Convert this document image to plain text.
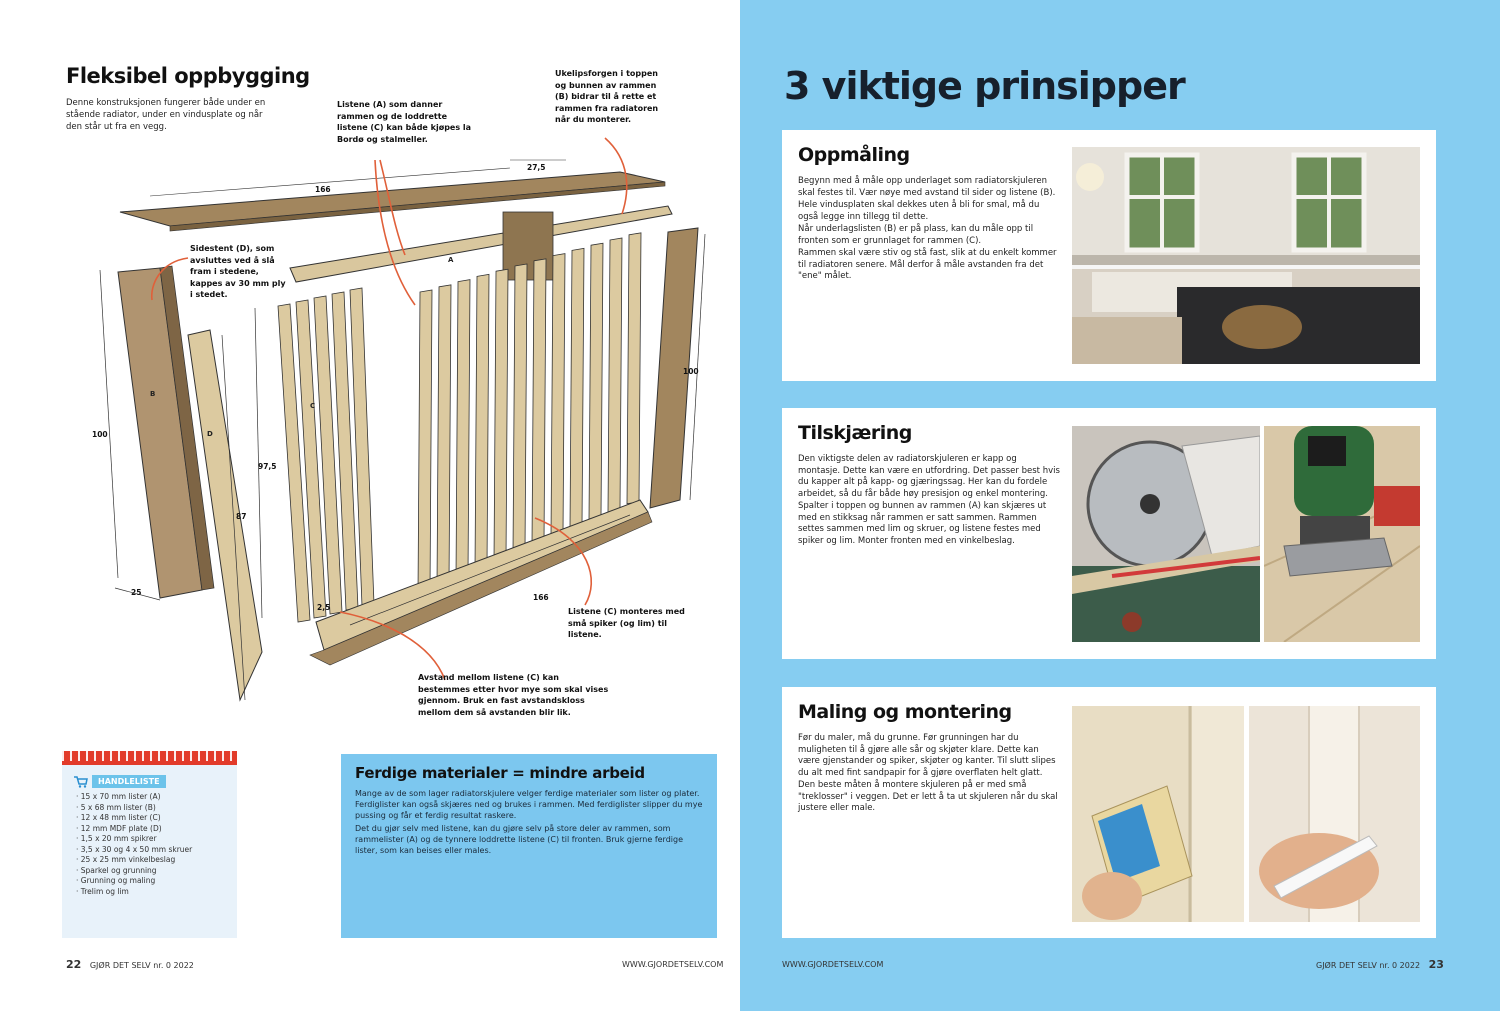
Fleksibel oppbygging
Denne konstruksjonen fungerer både under en stående radiator, under en vindusplate og når den står ut fra en vegg.
Ukelipsforgen i toppen og bunnen av rammen (B) bidrar til å rette et rammen fra radiatoren når du monterer.
Listene (A) som danner rammen og de loddrette listene (C) kan både kjøpes la Bordø og stalmeller.
Sidestent (D), som avsluttes ved å slå fram i stedene, kappes av 30 mm ply i stedet.
Listene (C) monteres med små spiker (og lim) til listene.
Avstand mellom listene (C) kan bestemmes etter hvor mye som skal vises gjennom. Bruk en fast avstandskloss mellom dem så avstanden blir lik.
27,5
166
100
87
97,5
100
166
25
2,5
A
B
C
D
HANDLELISTE
· 15 x 70 mm lister (A)
· 5 x 68 mm lister (B)
· 12 x 48 mm lister (C)
· 12 mm MDF plate (D)
· 1,5 x 20 mm spikrer
· 3,5 x 30 og 4 x 50 mm skruer
· 25 x 25 mm vinkelbeslag
· Sparkel og grunning
· Grunning og maling
· Trelim og lim
Ferdige materialer = mindre arbeid

Mange av de som lager radiatorskjulere velger ferdige materialer som lister og plater. Ferdiglister kan også skjæres ned og brukes i rammen. Med ferdiglister slipper du mye pussing og får et ferdig resultat raskere.

Det du gjør selv med listene, kan du gjøre selv på store deler av rammen, som rammelister (A) og de tynnere loddrette listene (C) til fronten. Bruk gjerne ferdige lister, som kan beises eller males.

22 GJØR DET SELV nr. 0 2022	WWW.GJORDETSELV.COM
3 viktige prinsipper
Oppmåling

Begynn med å måle opp underlaget som radiatorskjuleren skal festes til. Vær nøye med avstand til sider og listene (B).

Hele vindusplaten skal dekkes uten å bli for smal, må du også legge inn tillegg til dette.

Når underlagslisten (B) er på plass, kan du måle opp til fronten som er grunnlaget for rammen (C).

Rammen skal være stiv og stå fast, slik at du enkelt kommer til radiatoren senere. Mål derfor å måle avstanden fra det "ene" målet.

Tilskjæring

Den viktigste delen av radiatorskjuleren er kapp og montasje. Dette kan være en utfordring. Det passer best hvis du kapper alt på kapp- og gjæringssag. Her kan du fordele arbeidet, så du får både høy presisjon og enkel montering.

Spalter i toppen og bunnen av rammen (A) kan skjæres ut med en stikksag når rammen er satt sammen. Rammen settes sammen med lim og skruer, og listene festes med spiker og lim. Monter fronten med en vinkelbeslag.

Maling og montering

Før du maler, må du grunne. Før grunningen har du muligheten til å gjøre alle sår og skjøter klare. Dette kan være gjenstander og spiker, skjøter og kanter. Til slutt slipes du alt med fint sandpapir for å gjøre overflaten helt glatt.

Den beste måten å montere skjuleren på er med små "treklosser" i veggen. Det er lett å ta ut skjuleren når du skal justere eller male.

WWW.GJORDETSELV.COM	GJØR DET SELV nr. 0 2022 23
